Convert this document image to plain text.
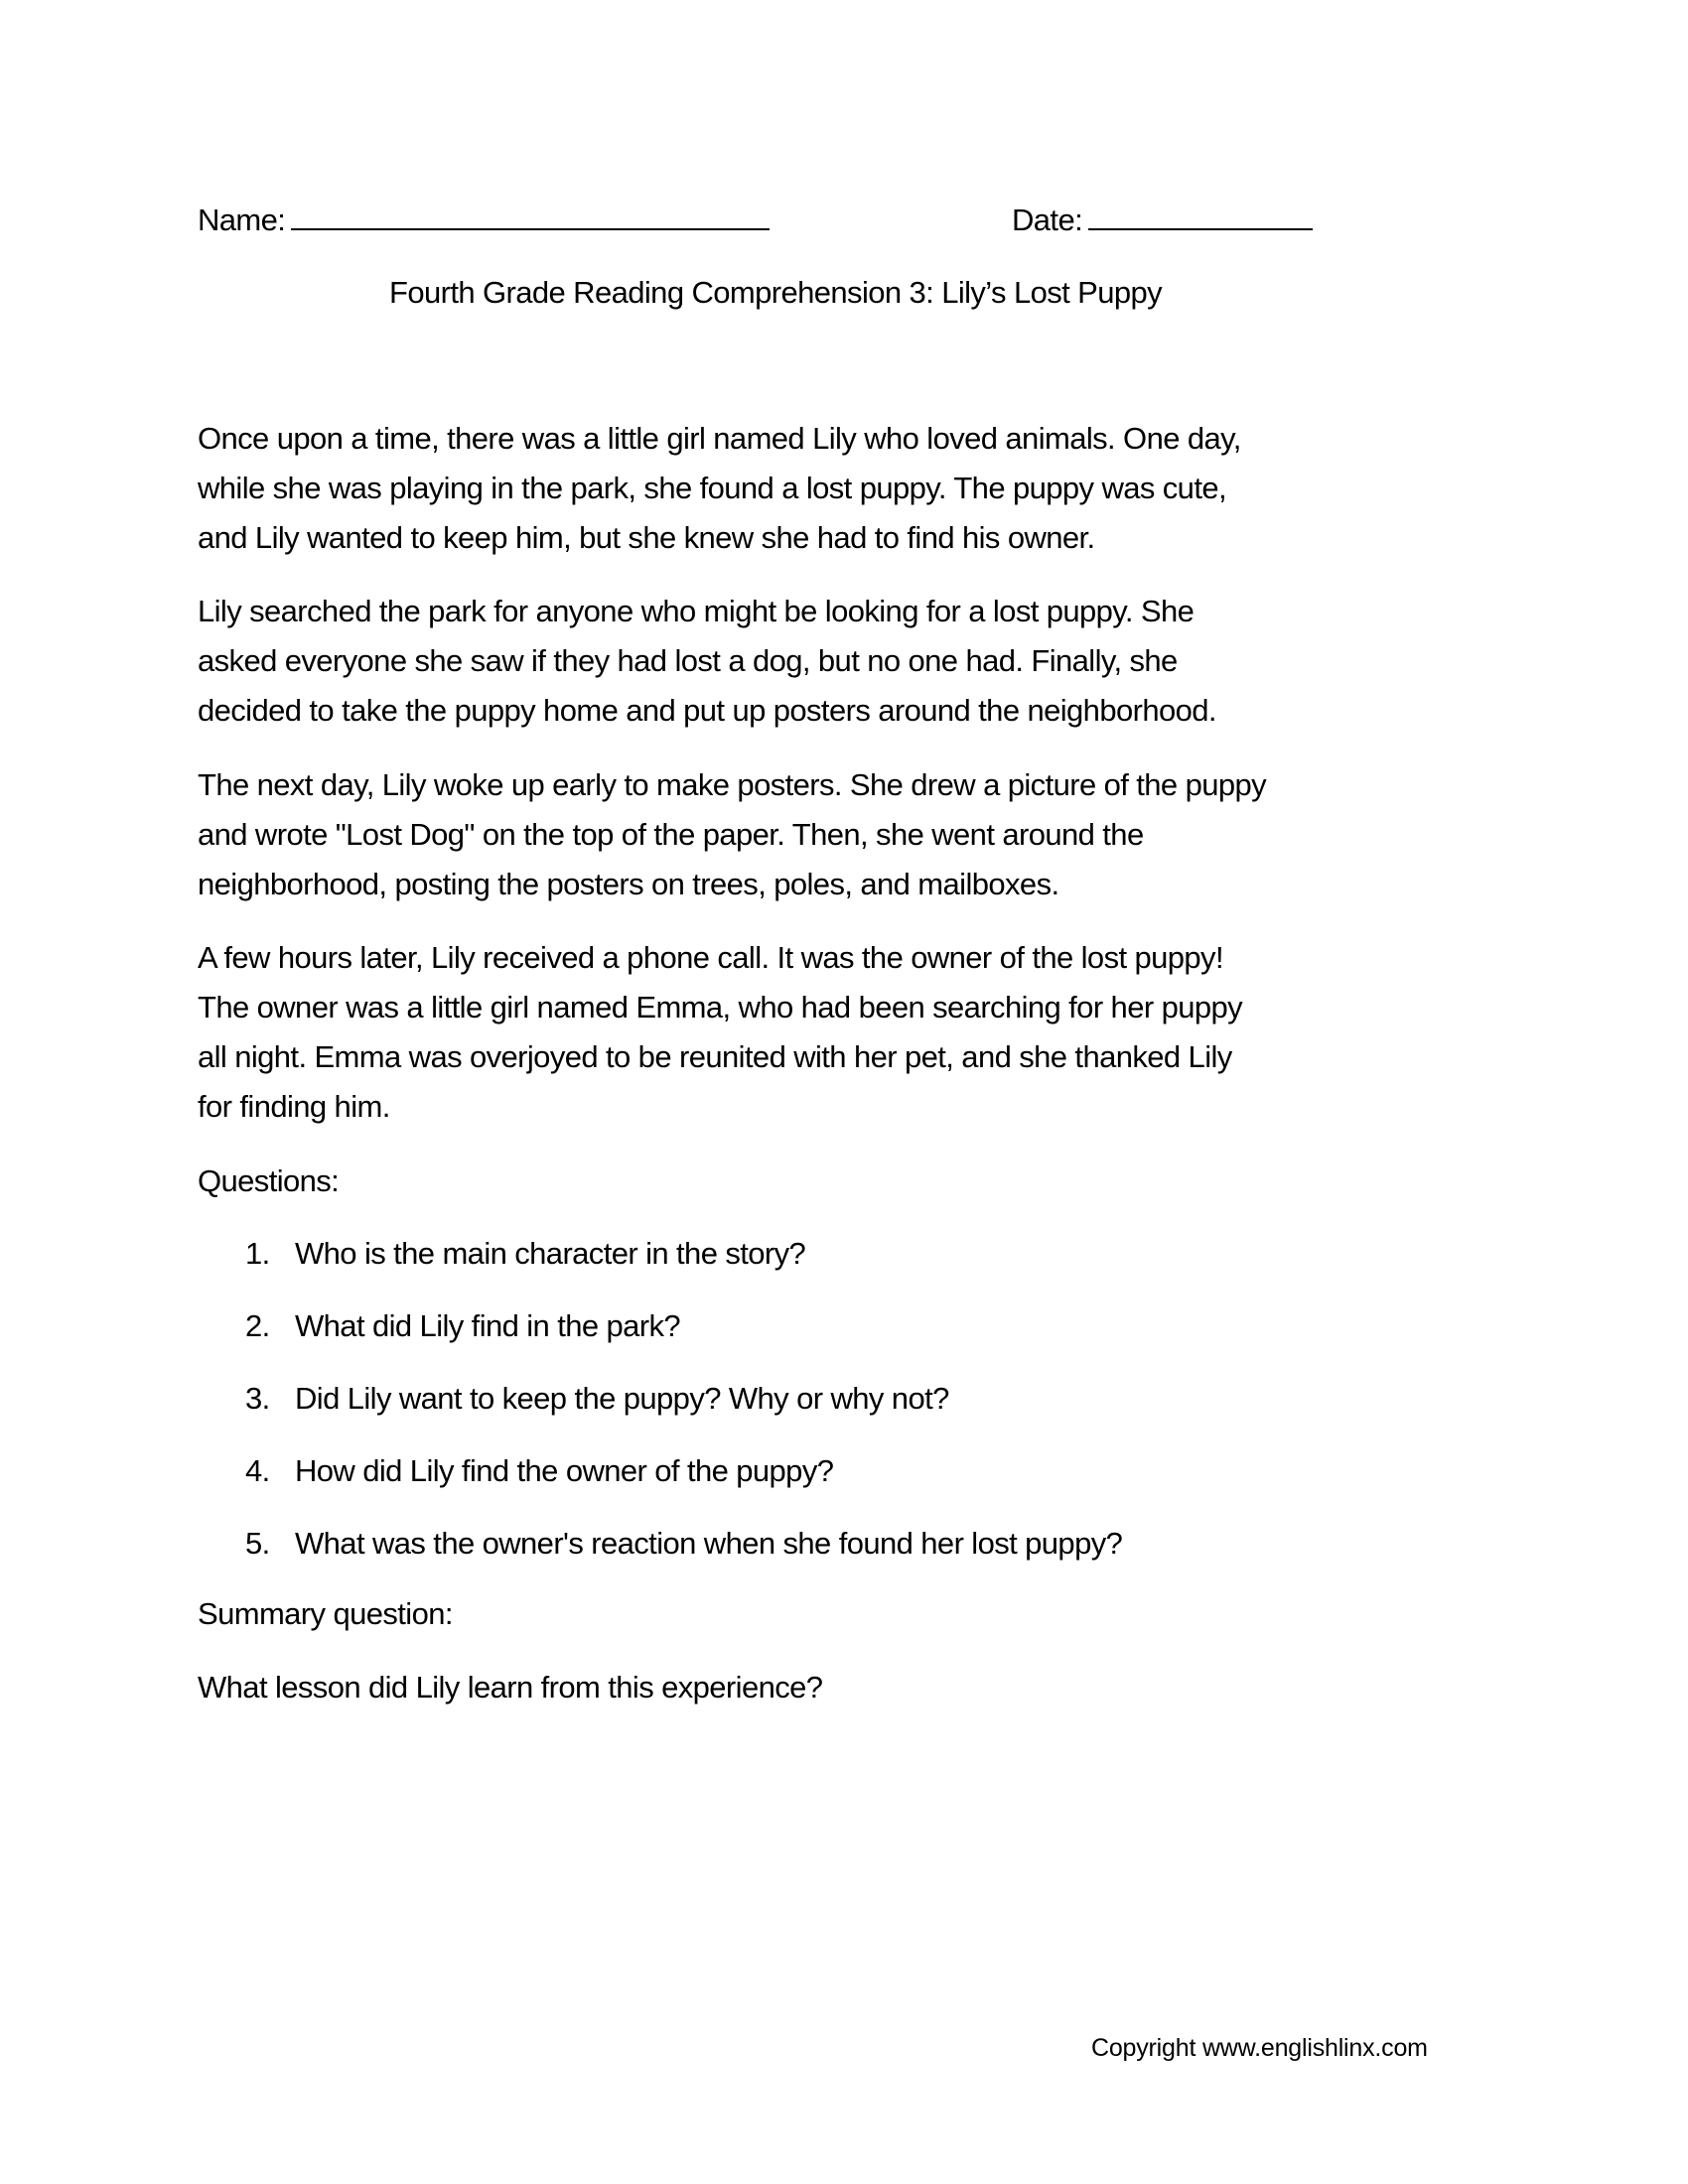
Name:	Date:
Fourth Grade Reading Comprehension 3: Lily’s Lost Puppy
Once upon a time, there was a little girl named Lily who loved animals. One day,
while she was playing in the park, she found a lost puppy. The puppy was cute,
and Lily wanted to keep him, but she knew she had to find his owner.
Lily searched the park for anyone who might be looking for a lost puppy. She
asked everyone she saw if they had lost a dog, but no one had. Finally, she
decided to take the puppy home and put up posters around the neighborhood.
The next day, Lily woke up early to make posters. She drew a picture of the puppy
and wrote "Lost Dog" on the top of the paper. Then, she went around the
neighborhood, posting the posters on trees, poles, and mailboxes.
A few hours later, Lily received a phone call. It was the owner of the lost puppy!
The owner was a little girl named Emma, who had been searching for her puppy
all night. Emma was overjoyed to be reunited with her pet, and she thanked Lily
for finding him.
Questions:
1. Who is the main character in the story?
2. What did Lily find in the park?
3. Did Lily want to keep the puppy? Why or why not?
4. How did Lily find the owner of the puppy?
5. What was the owner's reaction when she found her lost puppy?
Summary question:
What lesson did Lily learn from this experience?
Copyright www.englishlinx.com
